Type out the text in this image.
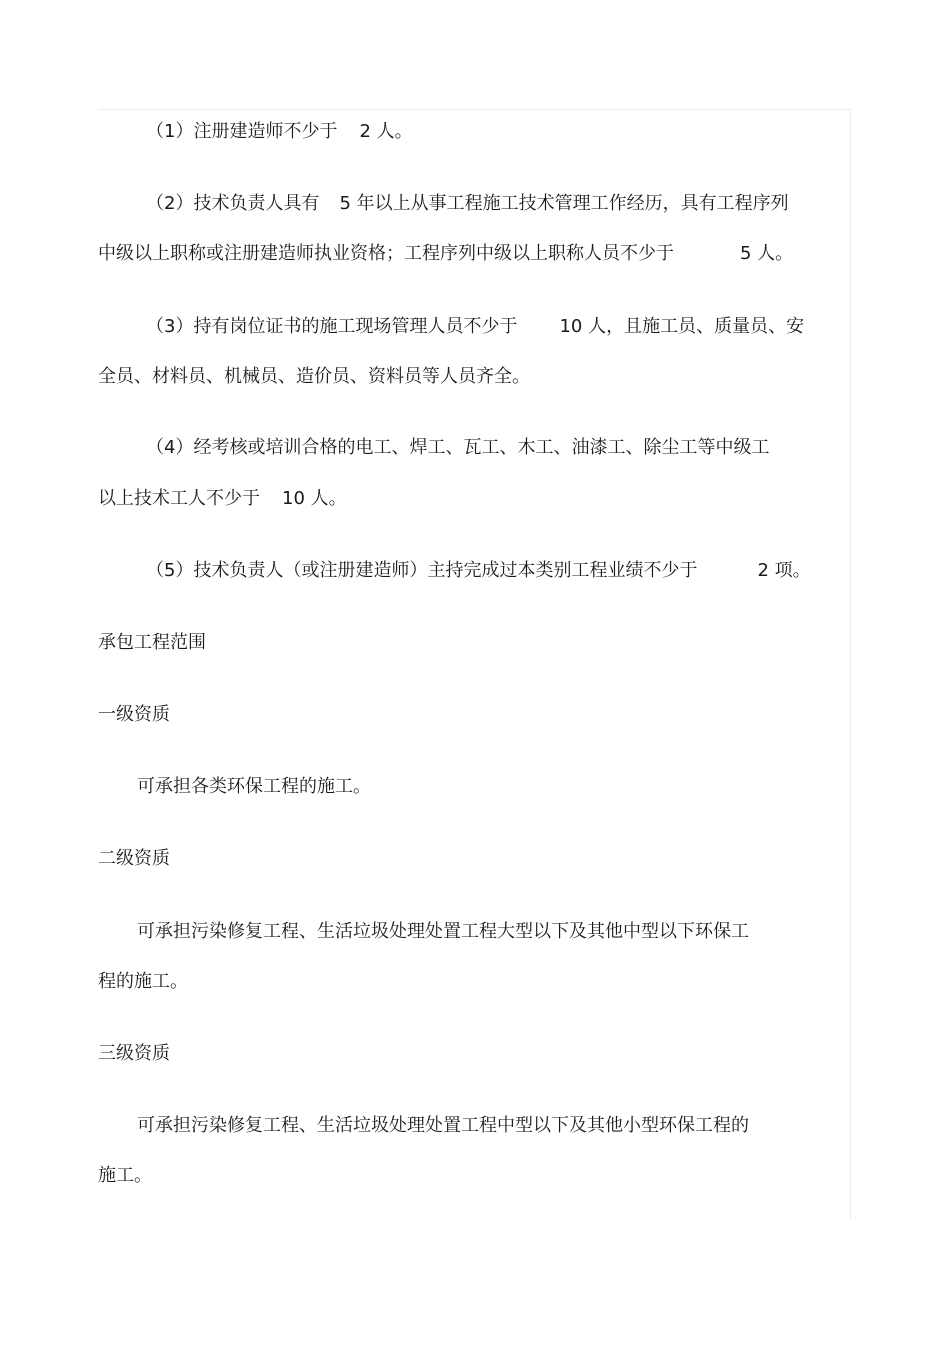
（1）注册建造师不少于 2 人。
（2）技术负责人具有 5 年以上从事工程施工技术管理工作经历，具有工程序列
中级以上职称或注册建造师执业资格；工程序列中级以上职称人员不少于	5 人。
（3）持有岗位证书的施工现场管理人员不少于 10 人，且施工员、质量员、安
全员、材料员、机械员、造价员、资料员等人员齐全。
（4）经考核或培训合格的电工、焊工、瓦工、木工、油漆工、除尘工等中级工
以上技术工人不少于 10 人。
（5）技术负责人（或注册建造师）主持完成过本类别工程业绩不少于	2 项。
承包工程范围
一级资质
可承担各类环保工程的施工。
二级资质
可承担污染修复工程、生活垃圾处理处置工程大型以下及其他中型以下环保工
程的施工。
三级资质
可承担污染修复工程、生活垃圾处理处置工程中型以下及其他小型环保工程的
施工。
